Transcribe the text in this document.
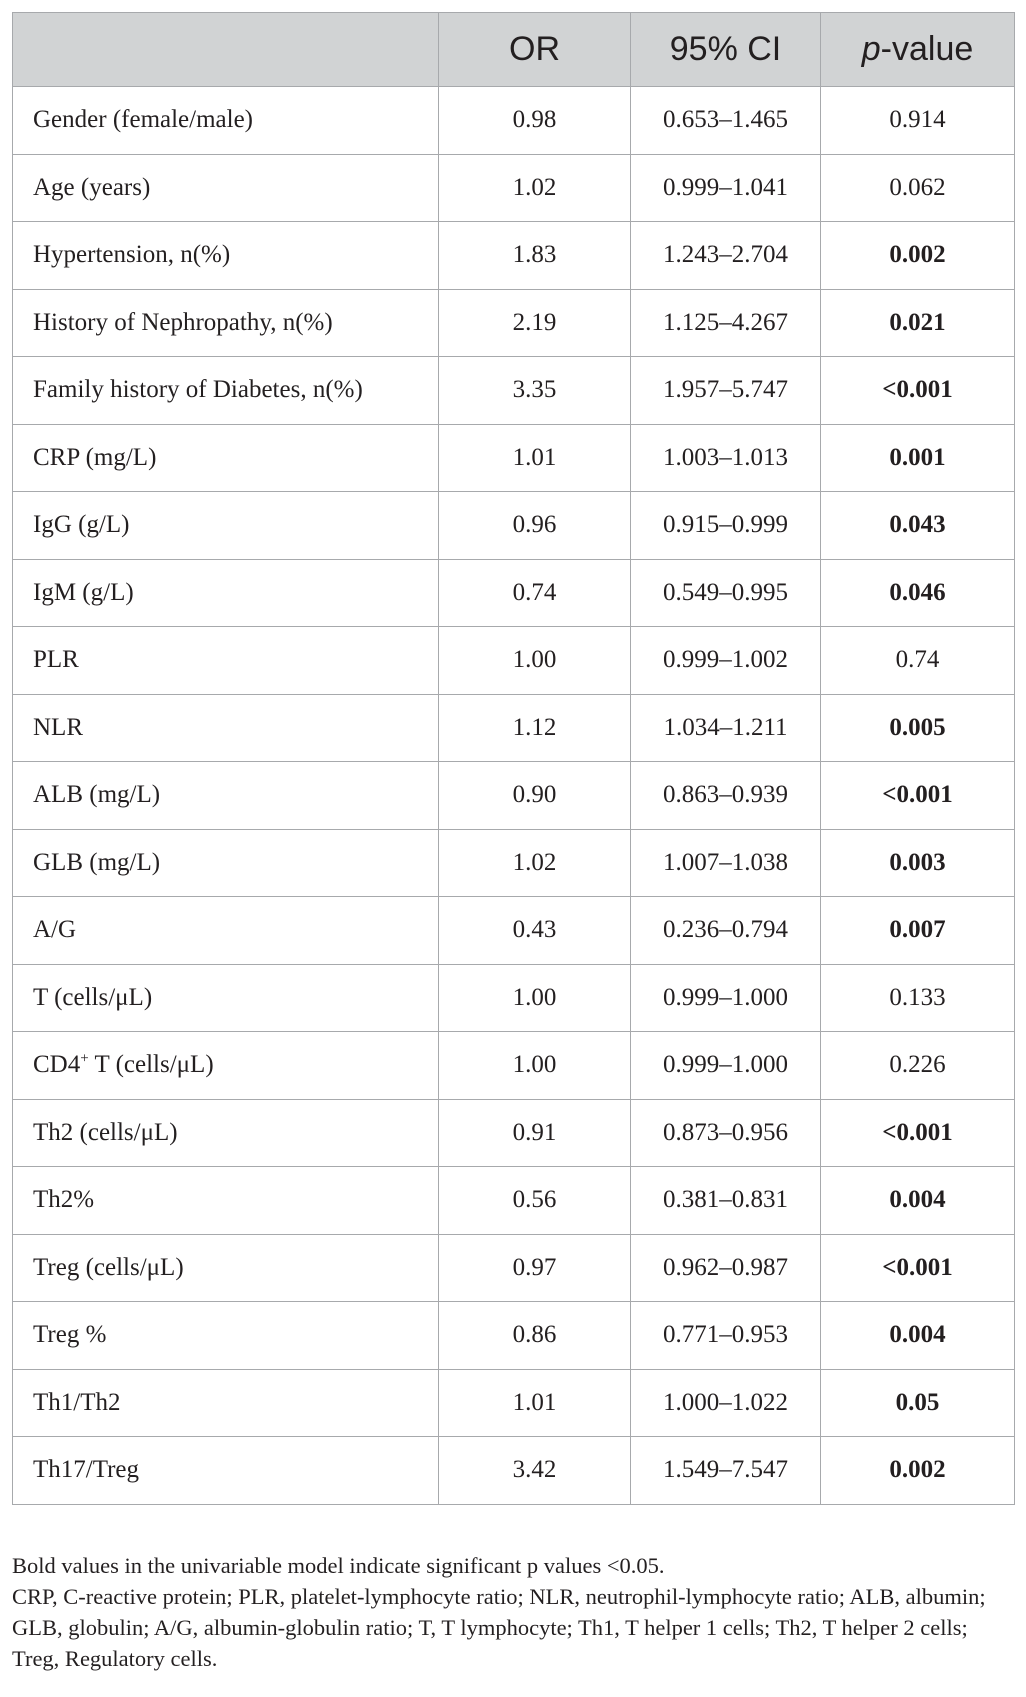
	OR	95% CI	p-value
Gender (female/male)	0.98	0.653–1.465	0.914
Age (years)	1.02	0.999–1.041	0.062
Hypertension, n(%)	1.83	1.243–2.704	0.002
History of Nephropathy, n(%)	2.19	1.125–4.267	0.021
Family history of Diabetes, n(%)	3.35	1.957–5.747	<0.001
CRP (mg/L)	1.01	1.003–1.013	0.001
IgG (g/L)	0.96	0.915–0.999	0.043
IgM (g/L)	0.74	0.549–0.995	0.046
PLR	1.00	0.999–1.002	0.74
NLR	1.12	1.034–1.211	0.005
ALB (mg/L)	0.90	0.863–0.939	<0.001
GLB (mg/L)	1.02	1.007–1.038	0.003
A/G	0.43	0.236–0.794	0.007
T (cells/μL)	1.00	0.999–1.000	0.133
CD4+ T (cells/μL)	1.00	0.999–1.000	0.226
Th2 (cells/μL)	0.91	0.873–0.956	<0.001
Th2%	0.56	0.381–0.831	0.004
Treg (cells/μL)	0.97	0.962–0.987	<0.001
Treg %	0.86	0.771–0.953	0.004
Th1/Th2	1.01	1.000–1.022	0.05
Th17/Treg	3.42	1.549–7.547	0.002

Bold values in the univariable model indicate significant p values <0.05.

CRP, C-reactive protein; PLR, platelet-lymphocyte ratio; NLR, neutrophil-lymphocyte ratio; ALB, albumin; GLB, globulin; A/G, albumin-globulin ratio; T, T lymphocyte; Th1, T helper 1 cells; Th2, T helper 2 cells; Treg, Regulatory cells.
